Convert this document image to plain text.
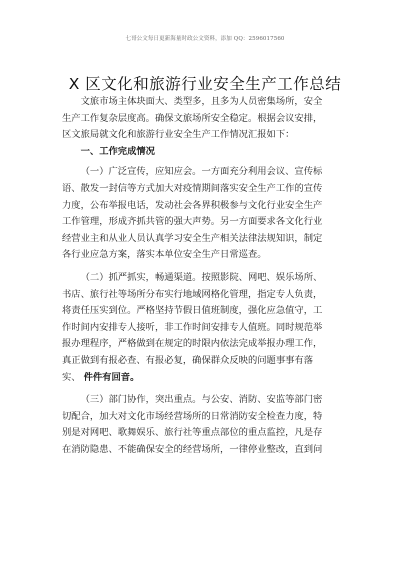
七哥公文每日更新海量时政公文资料，添加 QQ：2596017560
X 区文化和旅游行业安全生产工作总结
文旅市场主体块面大、类型多，且多为人员密集场所，安全
生产工作复杂层度高。确保文旅场所安全稳定。根据会议安排，
区文旅局就文化和旅游行业安全生产工作情况汇报如下：
一、工作完成情况
（一）广泛宣传，应知应会。一方面充分利用会议、宣传标
语、散发一封信等方式加大对疫情期间落实安全生产工作的宣传
力度，公布举报电话，发动社会各界积极参与文化行业安全生产
工作管理，形成齐抓共管的强大声势。另一方面要求各文化行业
经营业主和从业人员认真学习安全生产相关法律法规知识，制定
各行业应急方案，落实本单位安全生产日常巡查。
（二）抓严抓实，畅通渠道。按照影院、网吧、娱乐场所、
书店、旅行社等场所分布实行地域网格化管理，指定专人负责，
将责任压实到位。严格坚持节假日值班制度，强化应急值守，工
作时间内安排专人接听，非工作时间安排专人值班。同时规范举
报办理程序，严格做到在规定的时限内依法完成举报办理工作，
真正做到有报必查、有报必复，确保群众反映的问题事事有落
实、 件件有回音。
（三）部门协作，突出重点。与公安、消防、安监等部门密
切配合，加大对文化市场经营场所的日常消防安全检查力度，特
别是对网吧、歌舞娱乐、旅行社等重点部位的重点监控，凡是存
在消防隐患、不能确保安全的经营场所，一律停业整改，直到问
